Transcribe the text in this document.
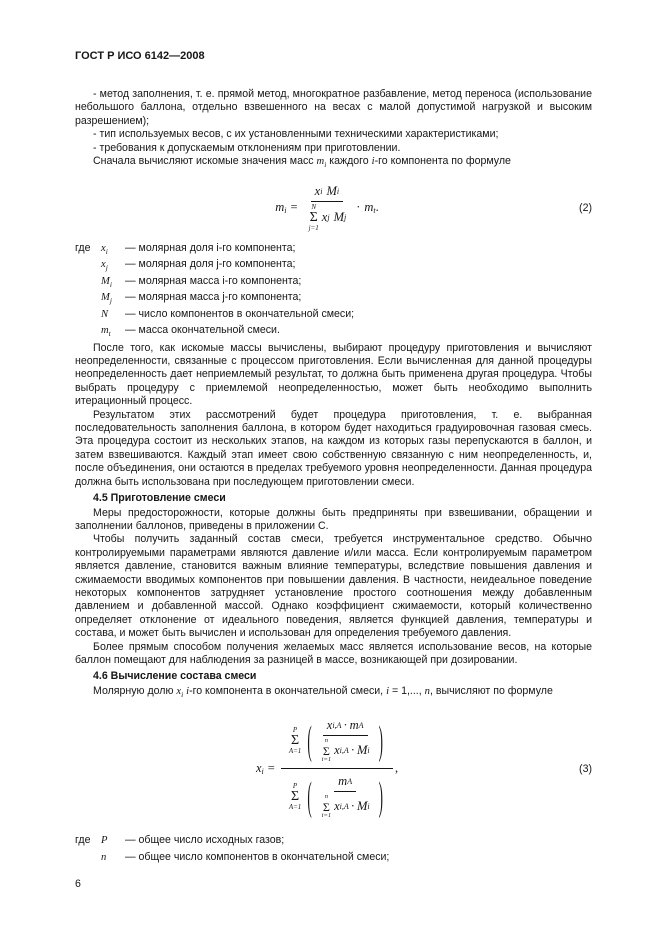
ГОСТ Р ИСО 6142—2008

- метод заполнения, т. е. прямой метод, многократное разбавление, метод переноса (использование небольшого баллона, отдельно взвешенного на весах с малой допустимой нагрузкой и высоким разрешением);

- тип используемых весов, с их установленными техническими характеристиками;

- требования к допускаемым отклонениям при приготовлении.

Сначала вычисляют искомые значения масс $m_i$ каждого i-го компонента по формуле

$m_i = x$ i M i
N
Σ
j=1
x j M $j \cdot m_t$ .	(2)
где $x_i$	— молярная доля i-го компонента;
$x_j$	— молярная доля j-го компонента;
$M_i$	— молярная масса i-го компонента;
$M_j$	— молярная масса j-го компонента;
N	— число компонентов в окончательной смеси;
$m_t$	— масса окончательной смеси.

После того, как искомые массы вычислены, выбирают процедуру приготовления и вычисляют неопределенности, связанные с процессом приготовления. Если вычисленная для данной процедуры неопределенность дает неприемлемый результат, то должна быть применена другая процедура. Чтобы выбрать процедуру с приемлемой неопределенностью, может быть необходимо выполнить итерационный процесс.

Результатом этих рассмотрений будет процедура приготовления, т. е. выбранная последовательность заполнения баллона, в котором будет находиться градуировочная газовая смесь. Эта процедура состоит из нескольких этапов, на каждом из которых газы перепускаются в баллон, и затем взвешиваются. Каждый этап имеет свою собственную связанную с ним неопределенность, и, после объединения, они остаются в пределах требуемого уровня неопределенности. Данная процедура должна быть использована при последующем приготовлении смеси.

4.5 Приготовление смеси

Меры предосторожности, которые должны быть предприняты при взвешивании, обращении и заполнении баллонов, приведены в приложении С.

Чтобы получить заданный состав смеси, требуется инструментальное средство. Обычно контролируемыми параметрами являются давление и/или масса. Если контролируемым параметром является давление, становится важным влияние температуры, вследствие повышения давления и сжимаемости вводимых компонентов при повышении давления. В частности, неидеальное поведение некоторых компонентов затрудняет установление простого соотношения между добавленным давлением и добавленной массой. Однако коэффициент сжимаемости, который количественно определяет отклонение от идеального поведения, является функцией давления, температуры и состава, и может быть вычислен и использован для определения требуемого давления.

Более прямым способом получения желаемых масс является использование весов, на которые баллон помещают для наблюдения за разницей в массе, возникающей при дозировании.

4.6 Вычисление состава смеси

Молярную долю $x_i$ i-го компонента в окончательной смеси, i = 1,..., n, вычисляют по формуле

$x_i$ =
P
Σ
A=1 ( x i,A · m A
n
Σ
i=1
x i,A · M i )
P
Σ
A=1 ( m A
n
Σ
i=1
x i,A · M i )
,	(3)
где P	— общее число исходных газов;
n	— общее число компонентов в окончательной смеси;
6
